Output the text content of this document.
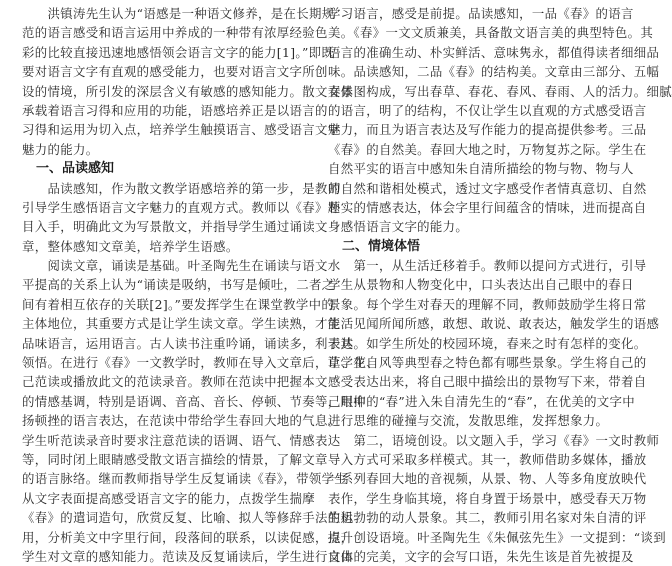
　　洪镇涛先生认为“语感是一种语文修养，是在长期规
范的语言感受和语言运用中养成的一种带有浓厚经验色
彩的比较直接迅速地感悟领会语言文字的能力[1]。”即既
要对语言文字有直观的感受能力，也要对语言文字所创
设的情境，所引发的深层含义有敏感的感知能力。散文文体
承载着语言习得和应用的功能，语感培养正是以语言的
习得和运用为切入点，培养学生触摸语言、感受语言文字
魅力的能力。
一、品读感知
　　品读感知，作为散文教学语感培养的第一步，是教师
引导学生感悟语言文字魅力的直观方式。教师以《春》题
目入手，明确此文为写景散文，并指导学生通过诵读文
章，整体感知文章美，培养学生语感。
　　阅读文章，诵读是基础。叶圣陶先生在诵读与语文水
平提高的关系上认为“诵读是吸纳，书写是倾吐，二者之
间有着相互依存的关联[2]。”要发挥学生在课堂教学中的
主体地位，其重要方式是让学生读文章。学生读熟，才能
品味语言，运用语言。古人读书注重吟诵，诵读多，利于其
领悟。在进行《春》一文教学时，教师在导入文章后，让学生自
己范读或播放此文的范读录音。教师在范读中把握本文
的情感基调，特别是语调、音高、音长、停顿、节奏等，用抑
扬顿挫的语言表达，在范读中带给学生春回大地的气息。
学生听范读录音时要求注意范读的语调、语气、情感表达
等，同时闭上眼睛感受散文语言描绘的情景，了解文章
的语言脉络。继而教师指导学生反复诵读《春》，带领学生
从文字表面提高感受语言文字的能力，点拨学生揣摩
《春》的遣词造句，欣赏反复、比喻、拟人等修辞手法的运
用，分析美文中字里行间，段落间的联系，以读促感，提升
学生对文章的感知能力。范读及反复诵读后，学生进行自由
学习语言，感受是前提。品读感知，一品《春》的语言
美。《春》一文文质兼美，具备散文语言美的典型特色。其
语言的准确生动、朴实鲜活、意味隽永，都值得读者细细品
味。品读感知，二品《春》的结构美。文章由三部分、五幅
春景图构成，写出春草、春花、春风、春雨、人的活力。细腻
的语言，明了的结构，不仅让学生以直观的方式感受语言
魅力，而且为语言表达及写作能力的提高提供参考。三品
《春》的自然美。春回大地之时，万物复苏之际。学生在
自然平实的语言中感知朱自清所描绘的物与物、物与人
的自然和谐相处模式，透过文字感受作者情真意切、自然
朴实的情感表达，体会字里行间蕴含的情味，进而提高自
身感悟语言文字的能力。
二、情境体悟
　　第一，从生活迁移着手。教师以提问方式进行，引导
学生从景物和人物变化中，口头表达出自己眼中的春日
景象。每个学生对春天的理解不同，教师鼓励学生将日常
生活见闻所闻所感，敢想、敢说、敢表达，触发学生的语感
表达。如学生所处的校园环境，春来之时有怎样的变化。
草、花、风等典型春之特色都有哪些景象。学生将自己的
感受表达出来，将自己眼中描绘出的景物写下来，带着自
己眼中的“春”进入朱自清先生的“春”，在优美的文字中
进行思维的碰撞与交流，发散思维，发挥想象力。
　　第二，语境创设。以文题入手，学习《春》一文时教师
导入方式可采取多样模式。其一，教师借助多媒体，播放
一系列春回大地的音视频，从景、物、人等多角度放映代
表作，学生身临其境，将自身置于场景中，感受春天万物
生机勃勃的动人景象。其二，教师引用名家对朱自清的评
点，创设语境。叶圣陶先生《朱佩弦先生》一文提到：“谈到
文体的完美，文字的会写口语，朱先生该是首先被提及
